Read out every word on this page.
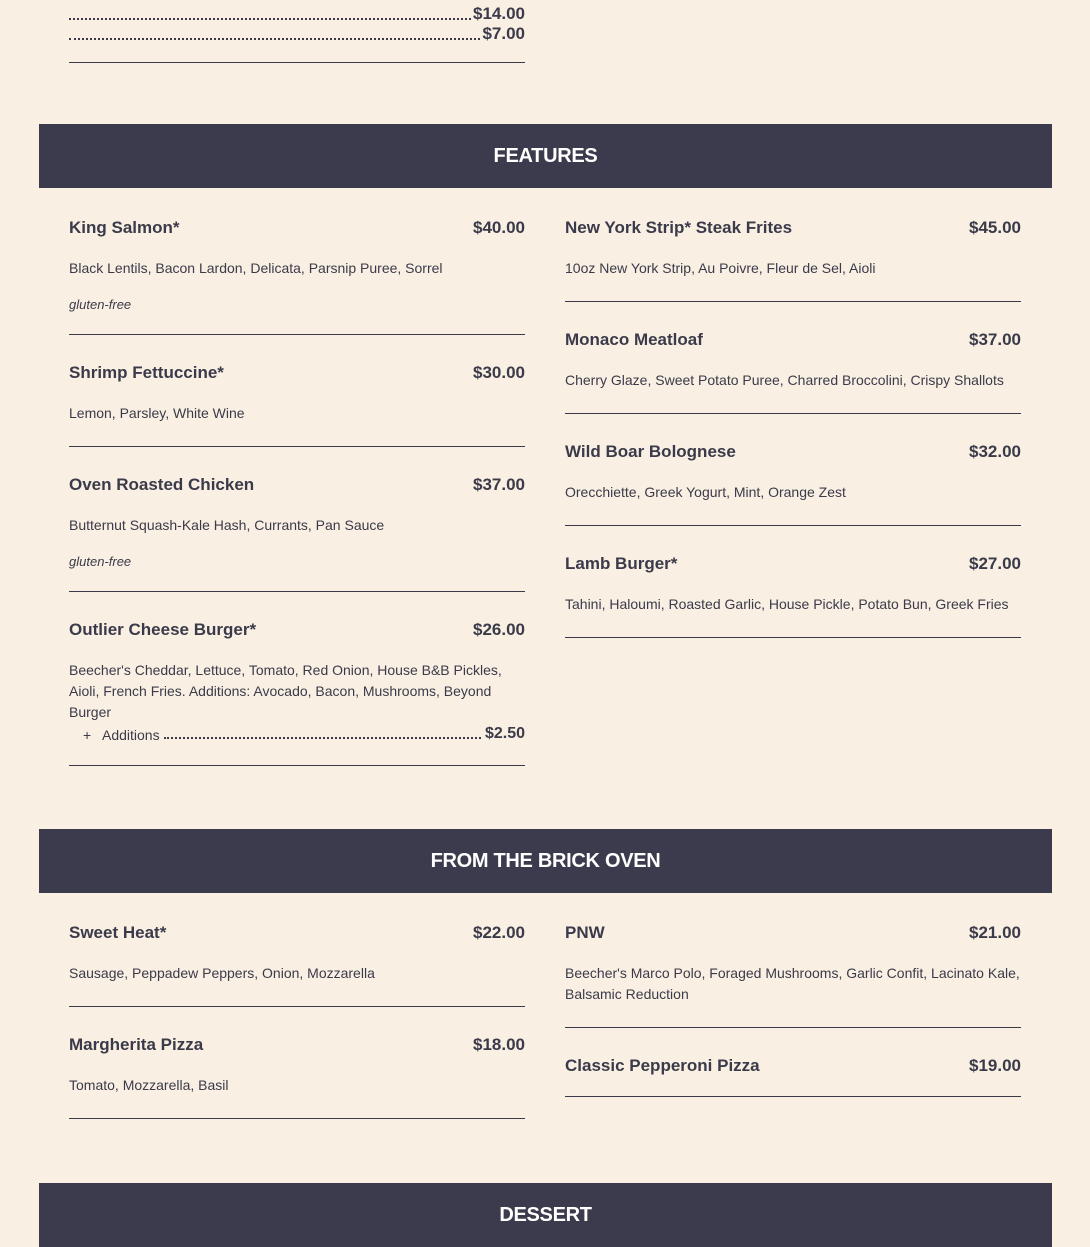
$14.00
$7.00
FEATURES
King Salmon*	$40.00
Black Lentils, Bacon Lardon, Delicata, Parsnip Puree, Sorrel
gluten-free
Shrimp Fettuccine*	$30.00
Lemon, Parsley, White Wine
Oven Roasted Chicken	$37.00
Butternut Squash-Kale Hash, Currants, Pan Sauce
gluten-free
Outlier Cheese Burger*	$26.00
Beecher's Cheddar, Lettuce, Tomato, Red Onion, House B&B Pickles, Aioli, French Fries. Additions: Avocado, Bacon, Mushrooms, Beyond Burger
+ Additions	$2.50
New York Strip* Steak Frites	$45.00
10oz New York Strip, Au Poivre, Fleur de Sel, Aioli
Monaco Meatloaf	$37.00
Cherry Glaze, Sweet Potato Puree, Charred Broccolini, Crispy Shallots
Wild Boar Bolognese	$32.00
Orecchiette, Greek Yogurt, Mint, Orange Zest
Lamb Burger*	$27.00
Tahini, Haloumi, Roasted Garlic, House Pickle, Potato Bun, Greek Fries
FROM THE BRICK OVEN
Sweet Heat*	$22.00
Sausage, Peppadew Peppers, Onion, Mozzarella
Margherita Pizza	$18.00
Tomato, Mozzarella, Basil
PNW	$21.00
Beecher's Marco Polo, Foraged Mushrooms, Garlic Confit, Lacinato Kale, Balsamic Reduction
Classic Pepperoni Pizza	$19.00
DESSERT
